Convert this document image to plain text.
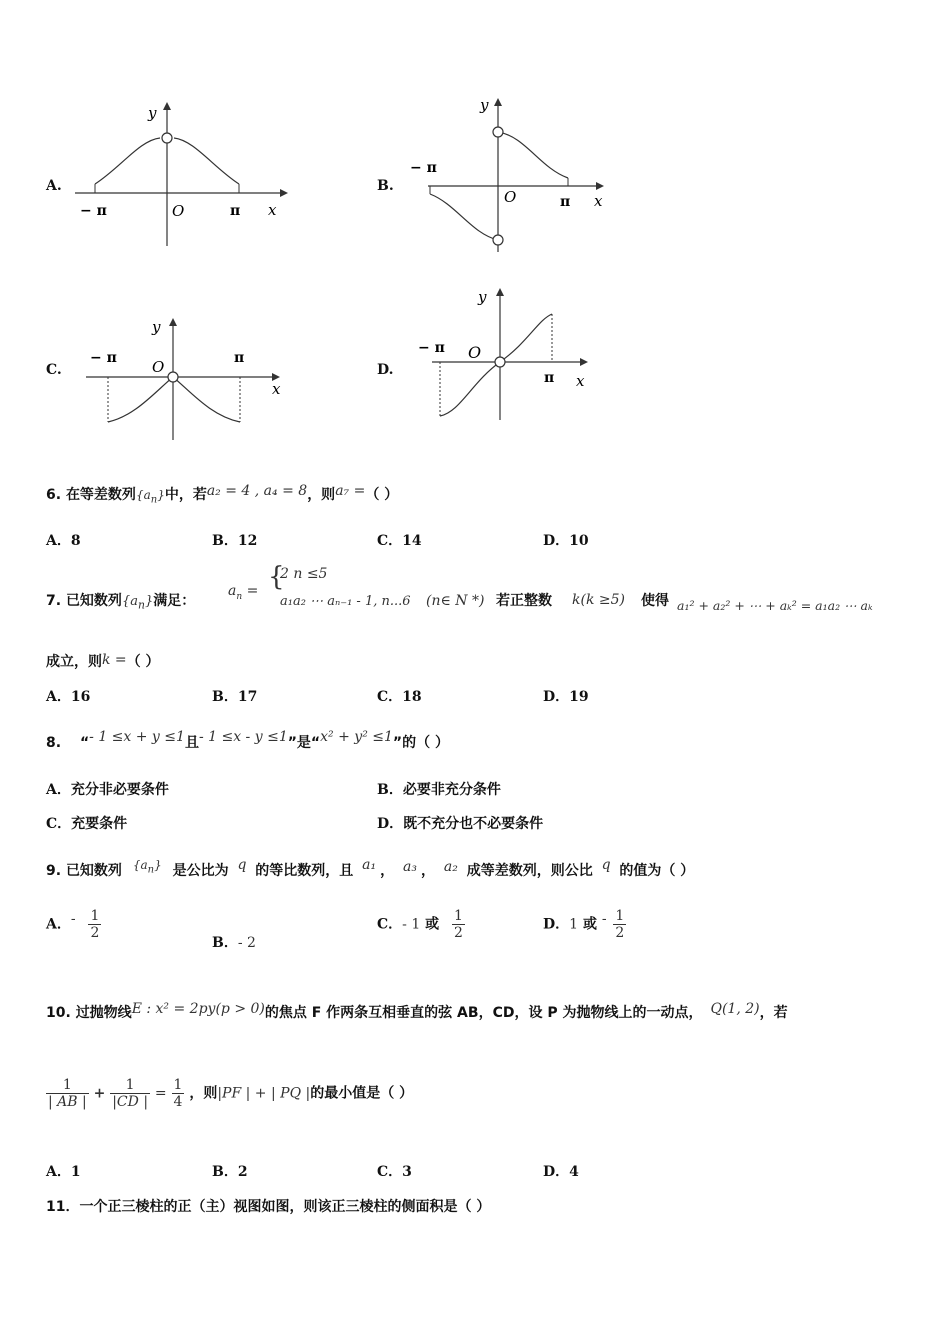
A.
y
O
− π	π x
B.
y
− π
O	π x
C.
y
− π O	π
x
D.
y
− π O
π x
6. 在等差数列$\{a_n\}$中，若a₂ = 4 , a₄ = 8，则a₇ =（ ）
A．8	B．12	C．14	D．10
7. 已知数列$\{a_n\}$满足：
$a_n$ = {
2 n ≤5
a₁a₂ ⋯ aₙ₋₁ - 1, n...6 (n∈ N *) 若正整数 k(k ≥5) 使得 a₁² + a₂² + ⋯ + aₖ² = a₁a₂ ⋯ aₖ
成立，则k =（ ）
A．16	B．17	C．18	D．19
8. “- 1 ≤x + y ≤1且- 1 ≤x - y ≤1”是“x² + y² ≤1”的（ ）
A．充分非必要条件	B．必要非充分条件
C．充要条件	D．既不充分也不必要条件
9. 已知数列 $\{a_n\}$ 是公比为 q 的等比数列，且 a₁ ， a₃ ， a₂ 成等差数列，则公比 q 的值为（ ）
A．- $\frac{1}{2}$
B．- 2
C．- 1 或 $\frac{1}{2}$	D．1 或 - $\frac{1}{2}$
10. 过抛物线E : x² = 2py(p > 0)的焦点 F 作两条互相垂直的弦 AB，CD，设 P 为抛物线上的一动点， Q(1, 2)，若
$\frac{1}{| AB |} + \frac{1}{|CD |} = \frac{1}{4}$ ，则|PF | + | PQ |的最小值是（ ）
A．1	B．2	C．3	D．4
11．一个正三棱柱的正（主）视图如图，则该正三棱柱的侧面积是（ ）
